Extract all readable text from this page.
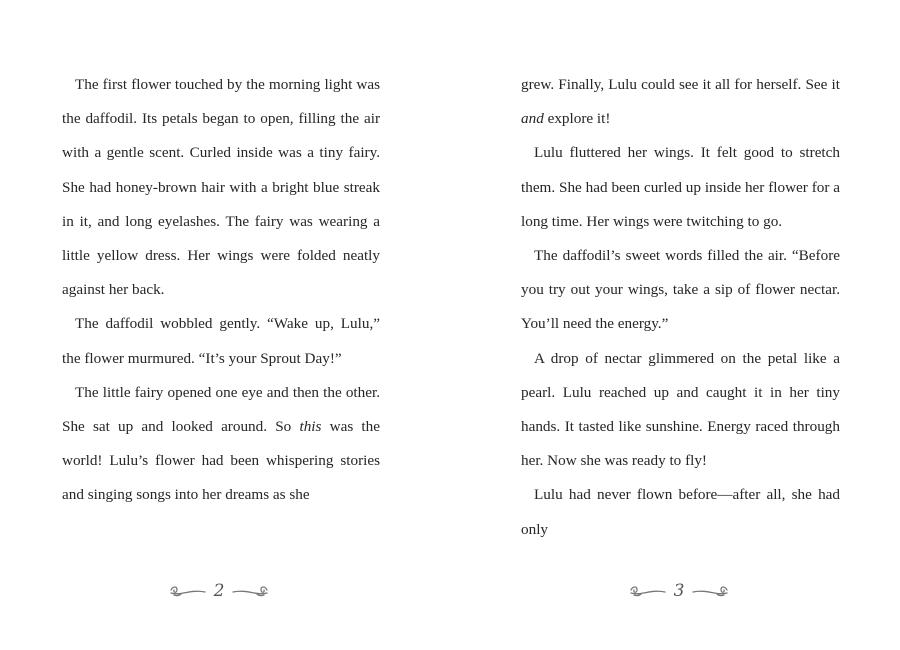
The first flower touched by the morning light was the daffodil. Its petals began to open, filling the air with a gentle scent. Curled inside was a tiny fairy. She had honey-brown hair with a bright blue streak in it, and long eyelashes. The fairy was wearing a little yellow dress. Her wings were folded neatly against her back.

The daffodil wobbled gently. “Wake up, Lulu,” the flower murmured. “It’s your Sprout Day!”

The little fairy opened one eye and then the other. She sat up and looked around. So this was the world! Lulu’s flower had been whispering stories and singing songs into her dreams as she

2

grew. Finally, Lulu could see it all for herself. See it and explore it!

Lulu fluttered her wings. It felt good to stretch them. She had been curled up inside her flower for a long time. Her wings were twitching to go.

The daffodil’s sweet words filled the air. “Before you try out your wings, take a sip of flower nectar. You’ll need the energy.”

A drop of nectar glimmered on the petal like a pearl. Lulu reached up and caught it in her tiny hands. It tasted like sunshine. Energy raced through her. Now she was ready to fly!

Lulu had never flown before—after all, she had only

3
